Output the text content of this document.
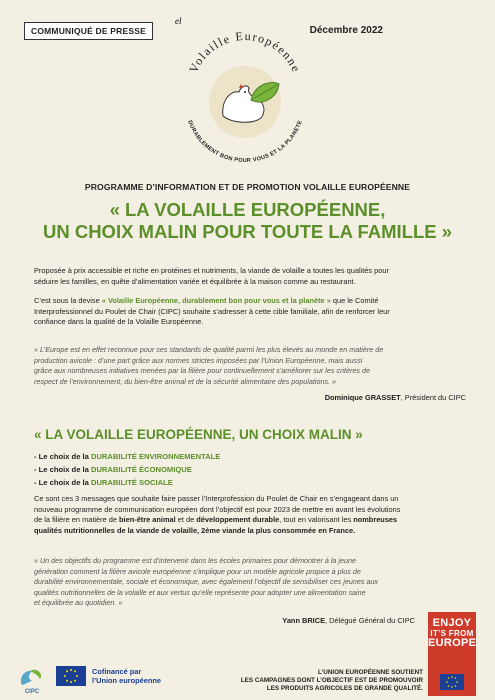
COMMUNIQUÉ DE PRESSE	Décembre 2022
el
Volaille Européenne
DURABLEMENT BON POUR VOUS ET LA PLANÈTE
PROGRAMME D’INFORMATION ET DE PROMOTION VOLAILLE EUROPÉENNE
« LA VOLAILLE EUROPÉENNE,
UN CHOIX MALIN POUR TOUTE LA FAMILLE »
Proposée à prix accessible et riche en protéines et nutriments, la viande de volaille a toutes les qualités pour
séduire les familles, en quête d’alimentation variée et équilibrée à la maison comme au restaurant.
C’est sous la devise « Volaille Européenne, durablement bon pour vous et la planète » que le Comité
Interprofessionnel du Poulet de Chair (CIPC) souhaite s’adresser à cette cible familiale, afin de renforcer leur
confiance dans la qualité de la Volaille Européenne.
« L’Europe est en effet reconnue pour ses standards de qualité parmi les plus élevés au monde en matière de
production avicole : d’une part grâce aux normes strictes imposées par l’Union Européenne, mais aussi
grâce aux nombreuses initiatives menées par la filière pour continuellement s’améliorer sur les critères de
respect de l’environnement, du bien-être animal et de la sécurité alimentaire des populations. »
Dominique GRASSET, Président du CIPC
« LA VOLAILLE EUROPÉENNE, UN CHOIX MALIN »
- Le choix de la DURABILITÉ ENVIRONNEMENTALE
- Le choix de la DURABILITÉ ÉCONOMIQUE
- Le choix de la DURABILITÉ SOCIALE
Ce sont ces 3 messages que souhaite faire passer l’Interprofession du Poulet de Chair en s’engageant dans un
nouveau programme de communication européen dont l’objectif est pour 2023 de mettre en avant les évolutions
de la filière en matière de bien-être animal et de développement durable, tout en valorisant les nombreuses
qualités nutritionnelles de la viande de volaille, 2ème viande la plus consommée en France.
« Un des objectifs du programme est d’intervenir dans les écoles primaires pour démontrer à la jeune
génération comment la filière avicole européenne s’implique pour un modèle agricole propice à plus de
durabilité environnementale, sociale et économique, avec également l’objectif de sensibiliser ces jeunes aux
qualités nutritionnelles de la volaille et aux vertus qu’elle représente pour adopter une alimentation saine
et équilibrée au quotidien. »
Yann BRICE, Délégué Général du CIPC	ENJOY
IT’S FROM
EUROPE
CIPC
Cofinancé par
l’Union européenne
L’UNION EUROPÉENNE SOUTIENT
LES CAMPAGNES DONT L’OBJECTIF EST DE PROMOUVOIR
LES PRODUITS AGRICOLES DE GRANDE QUALITÉ.
